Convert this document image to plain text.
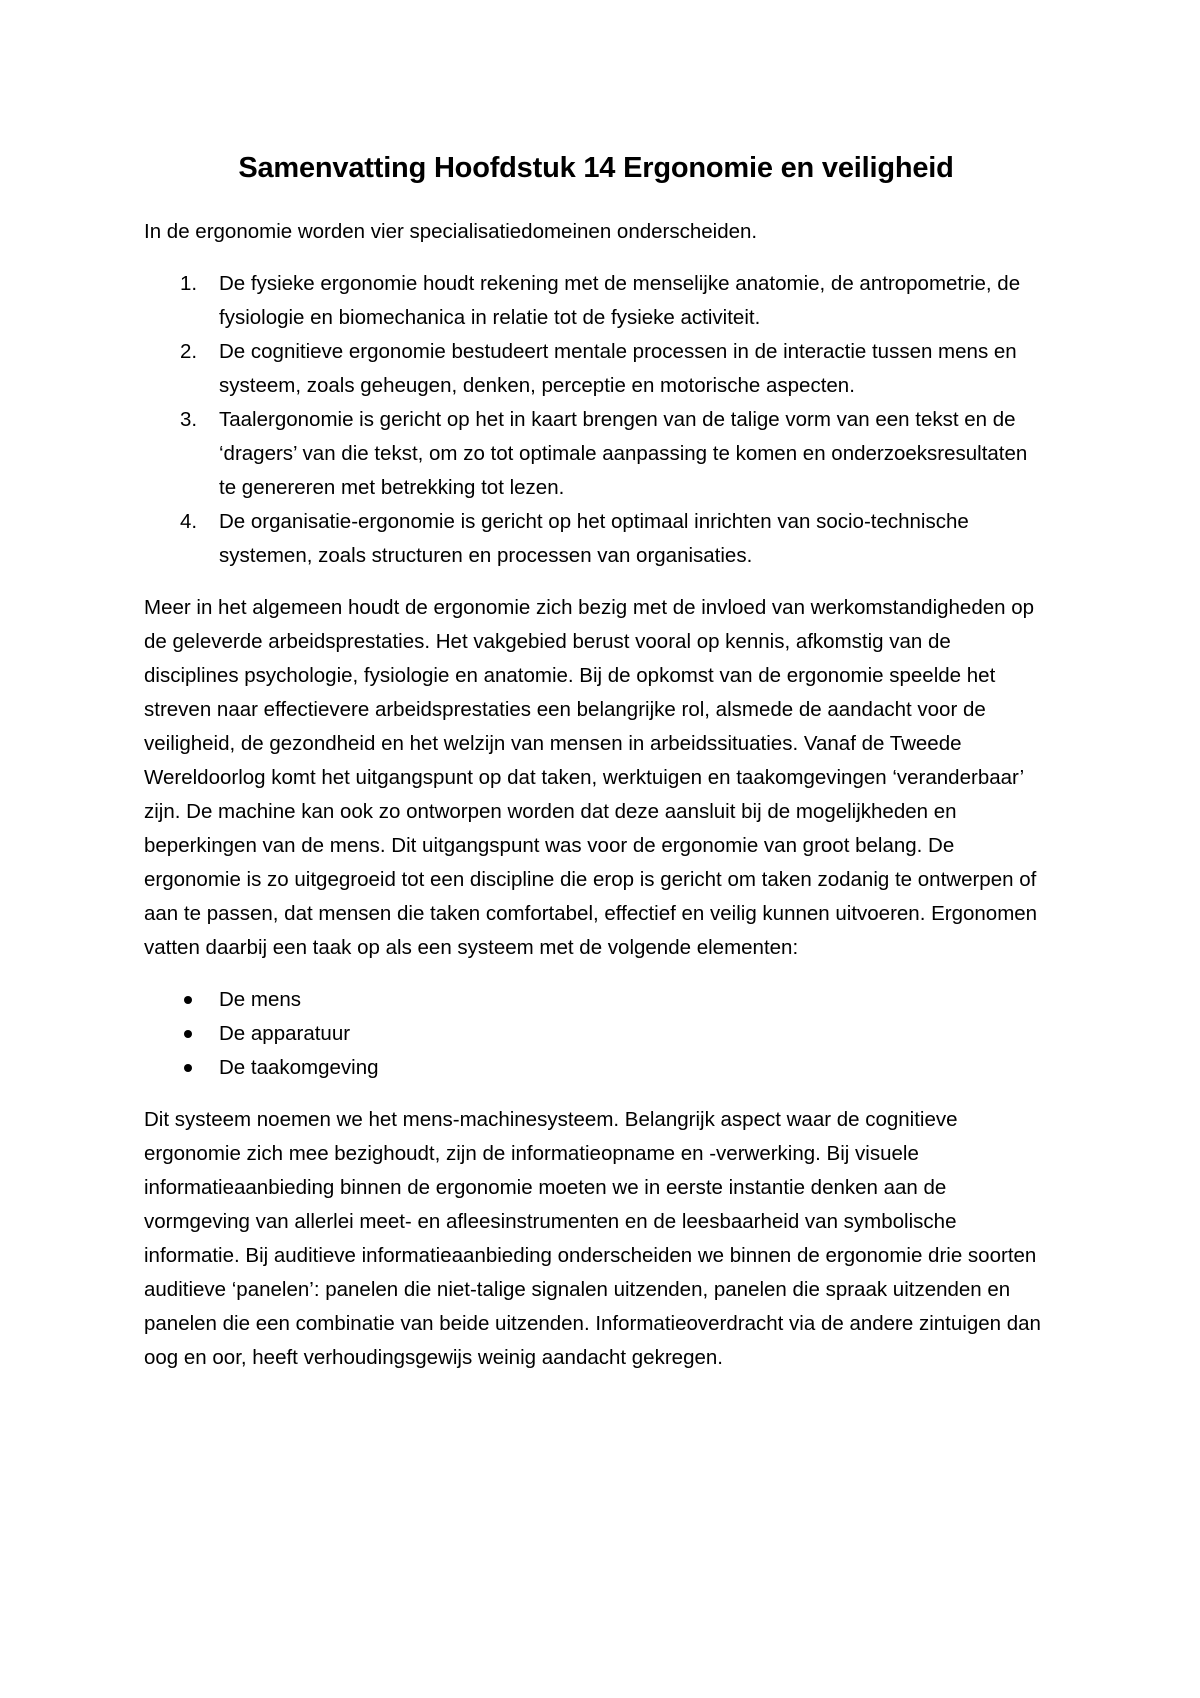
Samenvatting Hoofdstuk 14 Ergonomie en veiligheid

In de ergonomie worden vier specialisatiedomeinen onderscheiden.

1.	De fysieke ergonomie houdt rekening met de menselijke anatomie, de antropometrie, de fysiologie en biomechanica in relatie tot de fysieke activiteit.
2.	De cognitieve ergonomie bestudeert mentale processen in de interactie tussen mens en systeem, zoals geheugen, denken, perceptie en motorische aspecten.
3.	Taalergonomie is gericht op het in kaart brengen van de talige vorm van een tekst en de ‘dragers’ van die tekst, om zo tot optimale aanpassing te komen en onderzoeksresultaten te genereren met betrekking tot lezen.
4.	De organisatie-ergonomie is gericht op het optimaal inrichten van socio-technische systemen, zoals structuren en processen van organisaties.

Meer in het algemeen houdt de ergonomie zich bezig met de invloed van werkomstandigheden op de geleverde arbeidsprestaties. Het vakgebied berust vooral op kennis, afkomstig van de disciplines psychologie, fysiologie en anatomie. Bij de opkomst van de ergonomie speelde het streven naar effectievere arbeidsprestaties een belangrijke rol, alsmede de aandacht voor de veiligheid, de gezondheid en het welzijn van mensen in arbeidssituaties. Vanaf de Tweede Wereldoorlog komt het uitgangspunt op dat taken, werktuigen en taakomgevingen ‘veranderbaar’ zijn. De machine kan ook zo ontworpen worden dat deze aansluit bij de mogelijkheden en beperkingen van de mens. Dit uitgangspunt was voor de ergonomie van groot belang. De ergonomie is zo uitgegroeid tot een discipline die erop is gericht om taken zodanig te ontwerpen of aan te passen, dat mensen die taken comfortabel, effectief en veilig kunnen uitvoeren. Ergonomen vatten daarbij een taak op als een systeem met de volgende elementen:

De mens
De apparatuur
De taakomgeving

Dit systeem noemen we het mens-machinesysteem. Belangrijk aspect waar de cognitieve ergonomie zich mee bezighoudt, zijn de informatieopname en -verwerking. Bij visuele informatieaanbieding binnen de ergonomie moeten we in eerste instantie denken aan de vormgeving van allerlei meet- en afleesinstrumenten en de leesbaarheid van symbolische informatie. Bij auditieve informatieaanbieding onderscheiden we binnen de ergonomie drie soorten auditieve ‘panelen’: panelen die niet-talige signalen uitzenden, panelen die spraak uitzenden en panelen die een combinatie van beide uitzenden. Informatieoverdracht via de andere zintuigen dan oog en oor, heeft verhoudingsgewijs weinig aandacht gekregen.
